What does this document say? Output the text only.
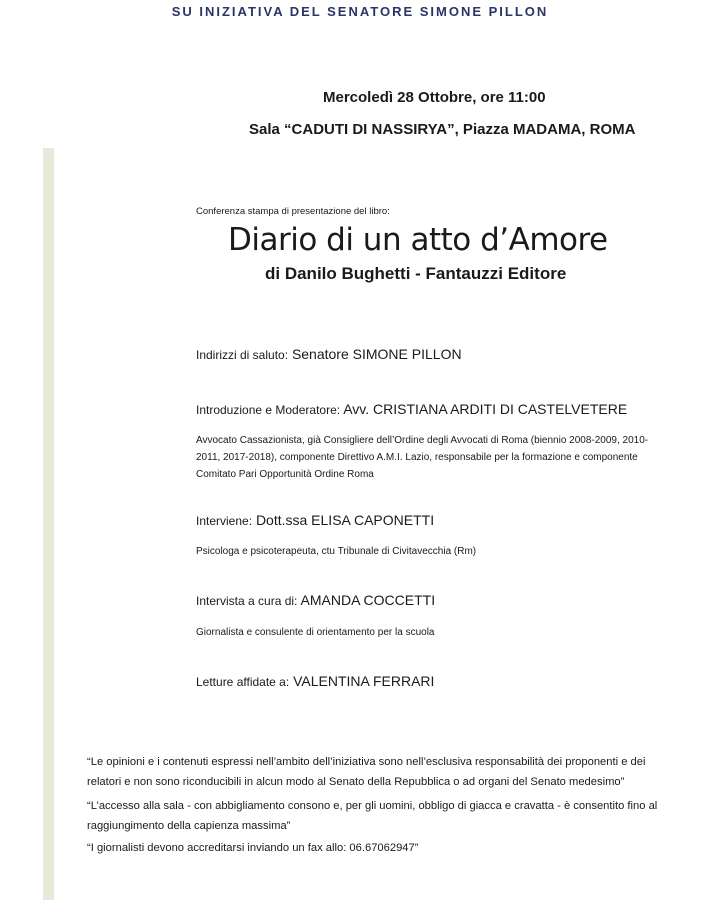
SU INIZIATIVA DEL SENATORE SIMONE PILLON
Mercoledì 28 Ottobre, ore 11:00
Sala “CADUTI DI NASSIRYA”, Piazza MADAMA, ROMA
Conferenza stampa di presentazione del libro:
Diario di un atto d’Amore
di Danilo Bughetti - Fantauzzi Editore
Indirizzi di saluto: Senatore SIMONE PILLON
Introduzione e Moderatore: Avv. CRISTIANA ARDITI DI CASTELVETERE
Avvocato Cassazionista, già Consigliere dell’Ordine degli Avvocati di Roma (biennio 2008-2009, 2010-
2011, 2017-2018), componente Direttivo A.M.I. Lazio, responsabile per la formazione e componente
Comitato Pari Opportunità Ordine Roma
Interviene: Dott.ssa ELISA CAPONETTI
Psicologa e psicoterapeuta, ctu Tribunale di Civitavecchia (Rm)
Intervista a cura di: AMANDA COCCETTI
Giornalista e consulente di orientamento per la scuola
Letture affidate a: VALENTINA FERRARI
“Le opinioni e i contenuti espressi nell’ambito dell’iniziativa sono nell’esclusiva responsabilità dei proponenti e dei
relatori e non sono riconducibili in alcun modo al Senato della Repubblica o ad organi del Senato medesimo”
“L’accesso alla sala - con abbigliamento consono e, per gli uomini, obbligo di giacca e cravatta - è consentito fino al
raggiungimento della capienza massima”
“I giornalisti devono accreditarsi inviando un fax allo: 06.67062947”
